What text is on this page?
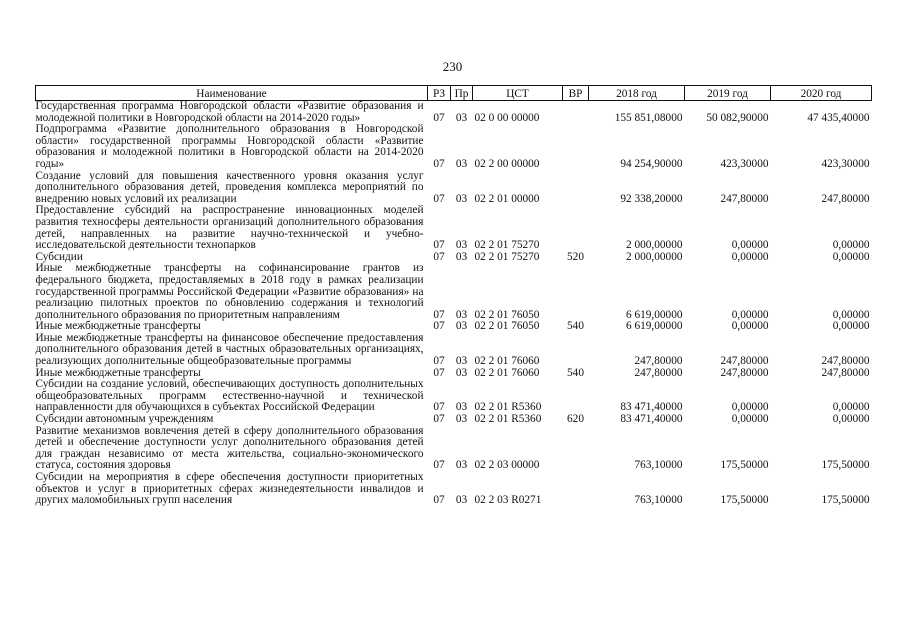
230
Наименование	РЗ	Пр	ЦСТ	ВР	2018 год	2019 год	2020 год
Государственная программа Новгородской области «Развитие образования и молодежной политики в Новгородской области на 2014-2020 годы»	07	03	02 0 00 00000		155 851,08000	50 082,90000	47 435,40000
Подпрограмма «Развитие дополнительного образования в Новгородской области» государственной программы Новгородской области «Развитие образования и молодежной политики в Новгородской области на 2014-2020 годы»	07	03	02 2 00 00000		94 254,90000	423,30000	423,30000
Создание условий для повышения качественного уровня оказания услуг дополнительного образования детей, проведения комплекса мероприятий по внедрению новых условий их реализации	07	03	02 2 01 00000		92 338,20000	247,80000	247,80000
Предоставление субсидий на распространение инновационных моделей развития техносферы деятельности организаций дополнительного образования детей, направленных на развитие научно-технической и учебно-исследовательской деятельности технопарков	07	03	02 2 01 75270		2 000,00000	0,00000	0,00000
Субсидии	07	03	02 2 01 75270	520	2 000,00000	0,00000	0,00000
Иные межбюджетные трансферты на софинансирование грантов из федерального бюджета, предоставляемых в 2018 году в рамках реализации государственной программы Российской Федерации «Развитие образования» на реализацию пилотных проектов по обновлению содержания и технологий дополнительного образования по приоритетным направлениям	07	03	02 2 01 76050		6 619,00000	0,00000	0,00000
Иные межбюджетные трансферты	07	03	02 2 01 76050	540	6 619,00000	0,00000	0,00000
Иные межбюджетные трансферты на финансовое обеспечение предоставления дополнительного образования детей в частных образовательных организациях, реализующих дополнительные общеобразовательные программы	07	03	02 2 01 76060		247,80000	247,80000	247,80000
Иные межбюджетные трансферты	07	03	02 2 01 76060	540	247,80000	247,80000	247,80000
Субсидии на создание условий, обеспечивающих доступность дополнительных общеобразовательных программ естественно-научной и технической направленности для обучающихся в субъектах Российской Федерации	07	03	02 2 01 R5360		83 471,40000	0,00000	0,00000
Субсидии автономным учреждениям	07	03	02 2 01 R5360	620	83 471,40000	0,00000	0,00000
Развитие механизмов вовлечения детей в сферу дополнительного образования детей и обеспечение доступности услуг дополнительного образования детей для граждан независимо от места жительства, социально-экономического статуса, состояния здоровья	07	03	02 2 03 00000		763,10000	175,50000	175,50000
Субсидии на мероприятия в сфере обеспечения доступности приоритетных объектов и услуг в приоритетных сферах жизнедеятельности инвалидов и других маломобильных групп населения	07	03	02 2 03 R0271		763,10000	175,50000	175,50000
